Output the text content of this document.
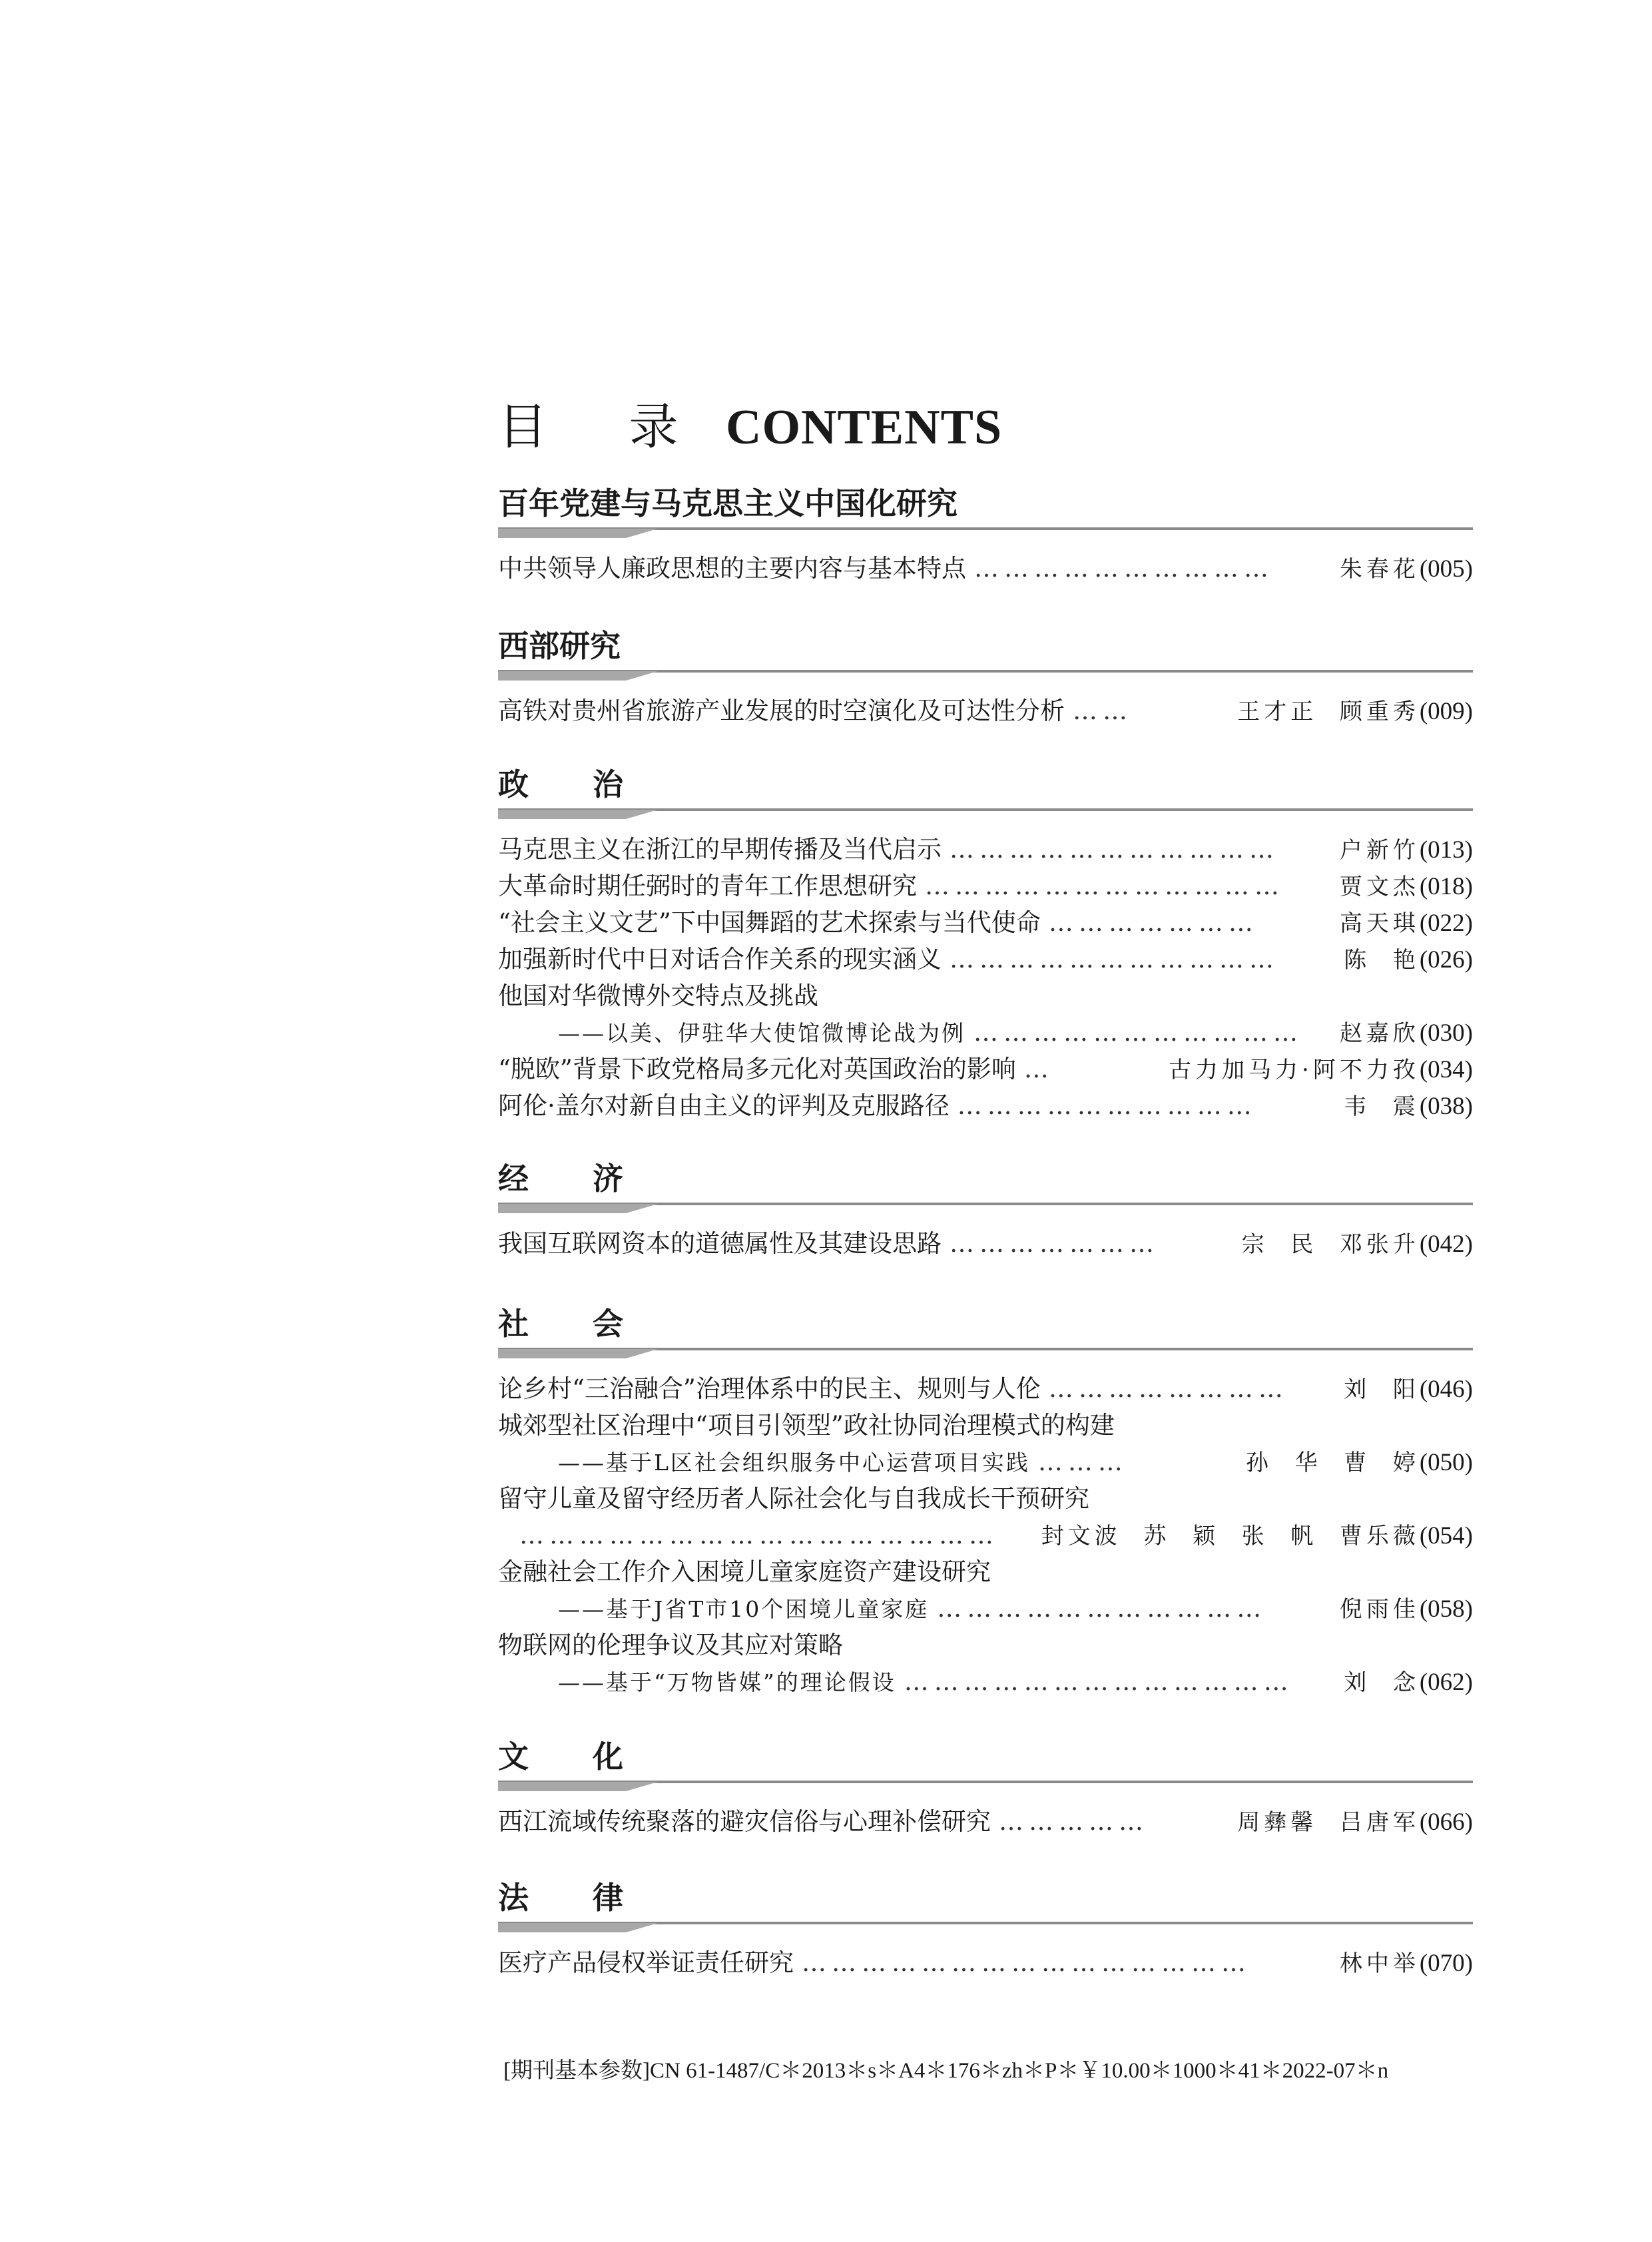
目 录 CONTENTS
百年党建与马克思主义中国化研究
中共领导人廉政思想的主要内容与基本特点 …………………………	朱春花 (005)
西部研究
高铁对贵州省旅游产业发展的时空演化及可达性分析 ……	王才正  顾重秀 (009)
政 治
马克思主义在浙江的早期传播及当代启示 ……………………………	户新竹 (013)
大革命时期任弼时的青年工作思想研究 ………………………………	贾文杰 (018)
“社会主义文艺”下中国舞蹈的艺术探索与当代使命 …………………	高天琪 (022)
加强新时代中日对话合作关系的现实涵义 ……………………………	陈  艳 (026)
他国对华微博外交特点及挑战
——以美、伊驻华大使馆微博论战为例 ……………………………	赵嘉欣 (030)
“脱欧”背景下政党格局多元化对英国政治的影响 …	古力加马力·阿不力孜 (034)
阿伦·盖尔对新自由主义的评判及克服路径 …………………………	韦  震 (038)
经 济
我国互联网资本的道德属性及其建设思路 …………………	宗  民  邓张升 (042)
社 会
论乡村“三治融合”治理体系中的民主、规则与人伦 ……………………	刘  阳 (046)
城郊型社区治理中“项目引领型”政社协同治理模式的构建
——基于L区社会组织服务中心运营项目实践 ………	孙  华  曹  婷 (050)
留守儿童及留守经历者人际社会化与自我成长干预研究
…………………………………………	封文波  苏  颖  张  帆  曹乐薇 (054)
金融社会工作介入困境儿童家庭资产建设研究
——基于J省T市10个困境儿童家庭 ……………………………	倪雨佳 (058)
物联网的伦理争议及其应对策略
——基于“万物皆媒”的理论假设 …………………………………	刘  念 (062)
文 化
西江流域传统聚落的避灾信俗与心理补偿研究 ……………	周彝馨  吕唐军 (066)
法 律
医疗产品侵权举证责任研究 ………………………………………	林中举 (070)
[期刊基本参数]CN 61-1487/C＊2013＊s＊A4＊176＊zh＊P＊￥10.00＊1000＊41＊2022-07＊n
